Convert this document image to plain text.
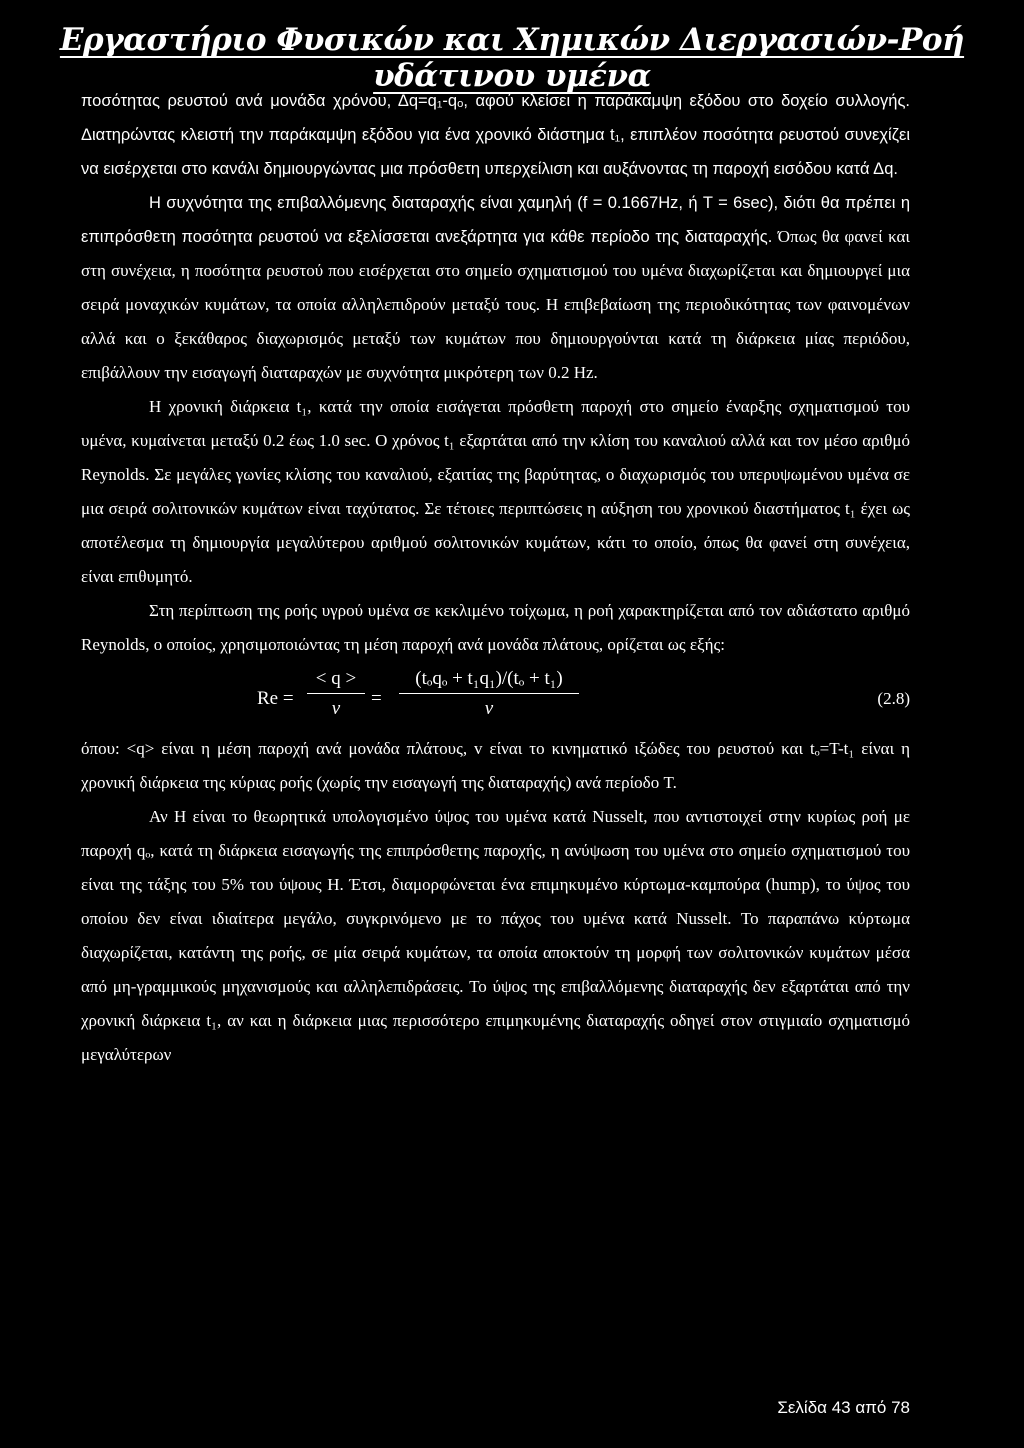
Εργαστήριο Φυσικών και Χημικών Διεργασιών-Ροή υδάτινου υμένα

ποσότητας ρευστού ανά μονάδα χρόνου, Δq=q₁-qₒ, αφού κλείσει η παράκαμψη εξόδου στο δοχείο συλλογής. Διατηρώντας κλειστή την παράκαμψη εξόδου για ένα χρονικό διάστημα t₁, επιπλέον ποσότητα ρευστού συνεχίζει να εισέρχεται στο κανάλι δημιουργώντας μια πρόσθετη υπερχείλιση και αυξάνοντας τη παροχή εισόδου κατά Δq.

Η συχνότητα της επιβαλλόμενης διαταραχής είναι χαμηλή (f = 0.1667Hz, ή T = 6sec), διότι θα πρέπει η επιπρόσθετη ποσότητα ρευστού να εξελίσσεται ανεξάρτητα για κάθε περίοδο της διαταραχής. Όπως θα φανεί και στη συνέχεια, η ποσότητα ρευστού που εισέρχεται στο σημείο σχηματισμού του υμένα διαχωρίζεται και δημιουργεί μια σειρά μοναχικών κυμάτων, τα οποία αλληλεπιδρούν μεταξύ τους. Η επιβεβαίωση της περιοδικότητας των φαινομένων αλλά και ο ξεκάθαρος διαχωρισμός μεταξύ των κυμάτων που δημιουργούνται κατά τη διάρκεια μίας περιόδου, επιβάλλουν την εισαγωγή διαταραχών με συχνότητα μικρότερη των 0.2 Hz.

Η χρονική διάρκεια t₁, κατά την οποία εισάγεται πρόσθετη παροχή στο σημείο έναρξης σχηματισμού του υμένα, κυμαίνεται μεταξύ 0.2 έως 1.0 sec. Ο χρόνος t₁ εξαρτάται από την κλίση του καναλιού αλλά και τον μέσο αριθμό Reynolds. Σε μεγάλες γωνίες κλίσης του καναλιού, εξαιτίας της βαρύτητας, ο διαχωρισμός του υπερυψωμένου υμένα σε μια σειρά σολιτονικών κυμάτων είναι ταχύτατος. Σε τέτοιες περιπτώσεις η αύξηση του χρονικού διαστήματος t₁ έχει ως αποτέλεσμα τη δημιουργία μεγαλύτερου αριθμού σολιτονικών κυμάτων, κάτι το οποίο, όπως θα φανεί στη συνέχεια, είναι επιθυμητό.

Στη περίπτωση της ροής υγρού υμένα σε κεκλιμένο τοίχωμα, η ροή χαρακτηρίζεται από τον αδιάστατο αριθμό Reynolds, ο οποίος, χρησιμοποιώντας τη μέση παροχή ανά μονάδα πλάτους, ορίζεται ως εξής:

$Re = \frac{< q >}{v}$ =
(tₒqₒ + t₁q₁)/(tₒ + t₁)
v	(2.8)

όπου: <q> είναι η μέση παροχή ανά μονάδα πλάτους, v είναι το κινηματικό ιξώδες του ρευστού και tₒ=T-t₁ είναι η χρονική διάρκεια της κύριας ροής (χωρίς την εισαγωγή της διαταραχής) ανά περίοδο T.

Αν H είναι το θεωρητικά υπολογισμένο ύψος του υμένα κατά Nusselt, που αντιστοιχεί στην κυρίως ροή με παροχή qₒ, κατά τη διάρκεια εισαγωγής της επιπρόσθετης παροχής, η ανύψωση του υμένα στο σημείο σχηματισμού του είναι της τάξης του 5% του ύψους H. Έτσι, διαμορφώνεται ένα επιμηκυμένο κύρτωμα-καμπούρα (hump), το ύψος του οποίου δεν είναι ιδιαίτερα μεγάλο, συγκρινόμενο με το πάχος του υμένα κατά Nusselt. Το παραπάνω κύρτωμα διαχωρίζεται, κατάντη της ροής, σε μία σειρά κυμάτων, τα οποία αποκτούν τη μορφή των σολιτονικών κυμάτων μέσα από μη-γραμμικούς μηχανισμούς και αλληλεπιδράσεις. Το ύψος της επιβαλλόμενης διαταραχής δεν εξαρτάται από την χρονική διάρκεια t₁, αν και η διάρκεια μιας περισσότερο επιμηκυμένης διαταραχής οδηγεί στον στιγμιαίο σχηματισμό μεγαλύτερων

Σελίδα 43 από 78
